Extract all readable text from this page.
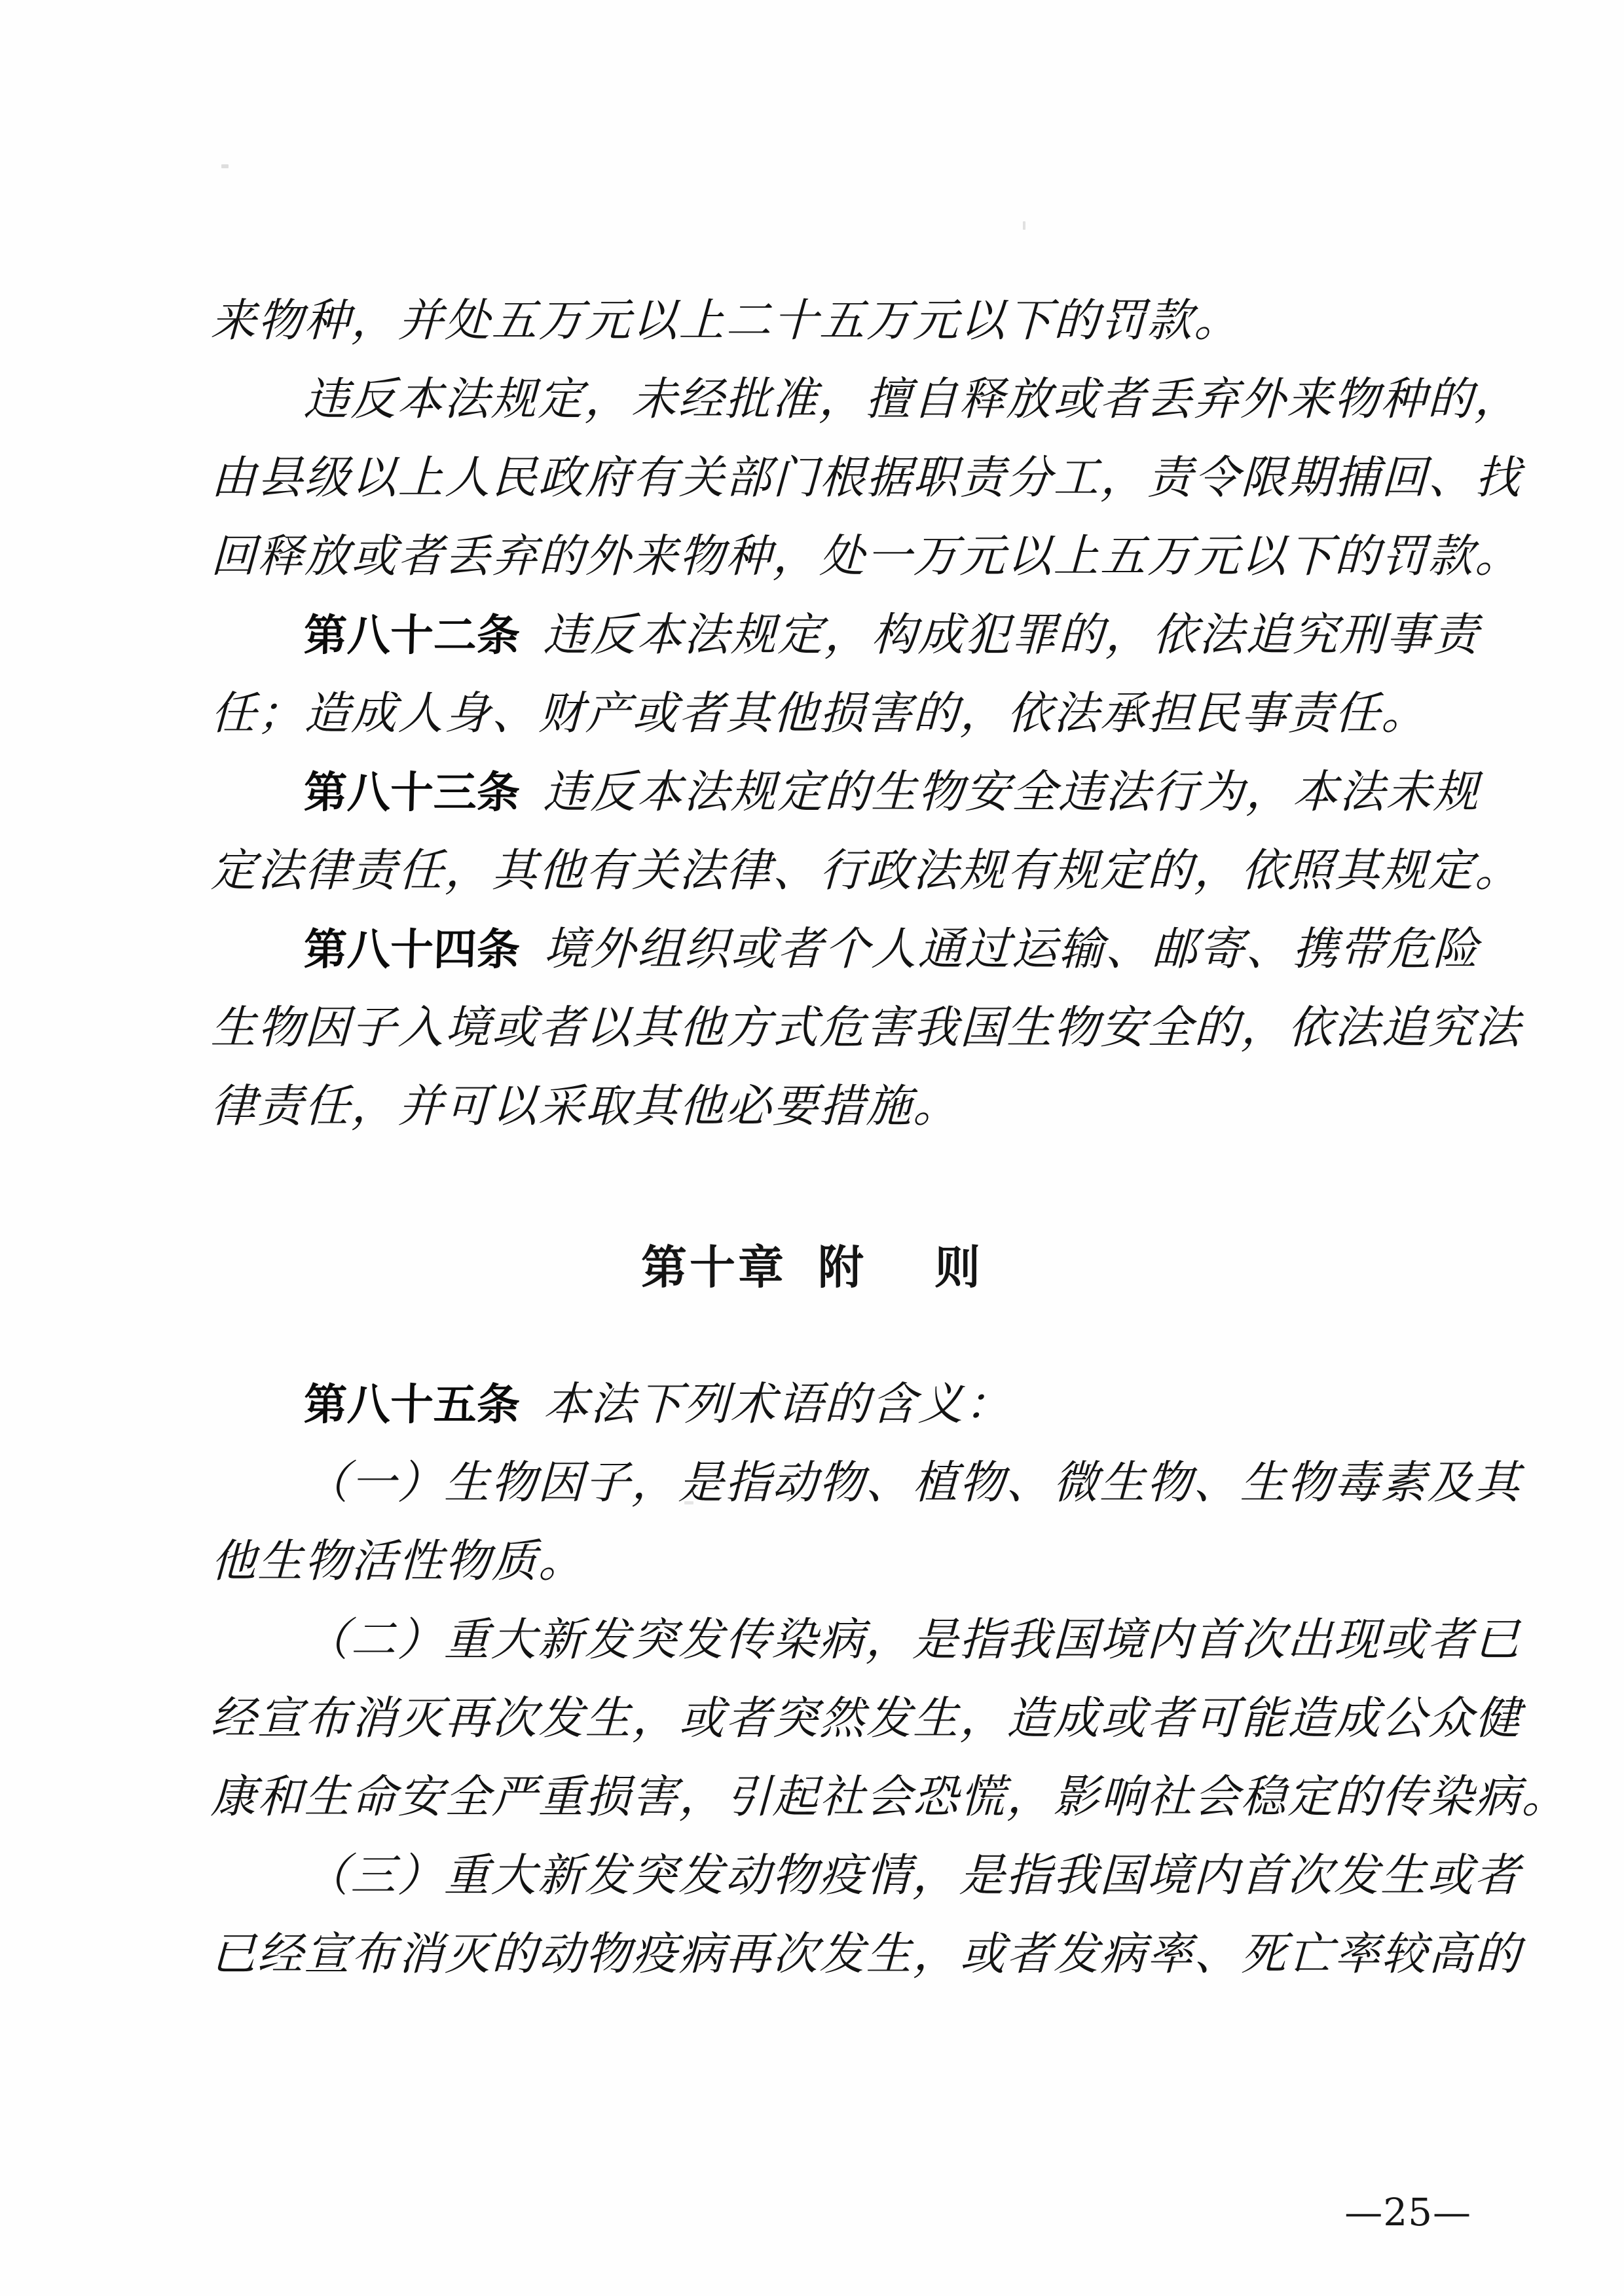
来物种，并处五万元以上二十五万元以下的罚款。
违反本法规定，未经批准，擅自释放或者丢弃外来物种的，
由县级以上人民政府有关部门根据职责分工，责令限期捕回、找
回释放或者丢弃的外来物种，处一万元以上五万元以下的罚款。
第八十二条 违反本法规定，构成犯罪的，依法追究刑事责
任；造成人身、财产或者其他损害的，依法承担民事责任。
第八十三条 违反本法规定的生物安全违法行为，本法未规
定法律责任，其他有关法律、行政法规有规定的，依照其规定。
第八十四条 境外组织或者个人通过运输、邮寄、携带危险
生物因子入境或者以其他方式危害我国生物安全的，依法追究法
律责任，并可以采取其他必要措施。
第十章 附 则
第八十五条 本法下列术语的含义：
（一）生物因子，是指动物、植物、微生物、生物毒素及其
他生物活性物质。
（二）重大新发突发传染病，是指我国境内首次出现或者已
经宣布消灭再次发生，或者突然发生，造成或者可能造成公众健
康和生命安全严重损害，引起社会恐慌，影响社会稳定的传染病。
（三）重大新发突发动物疫情，是指我国境内首次发生或者
已经宣布消灭的动物疫病再次发生，或者发病率、死亡率较高的
—25—
